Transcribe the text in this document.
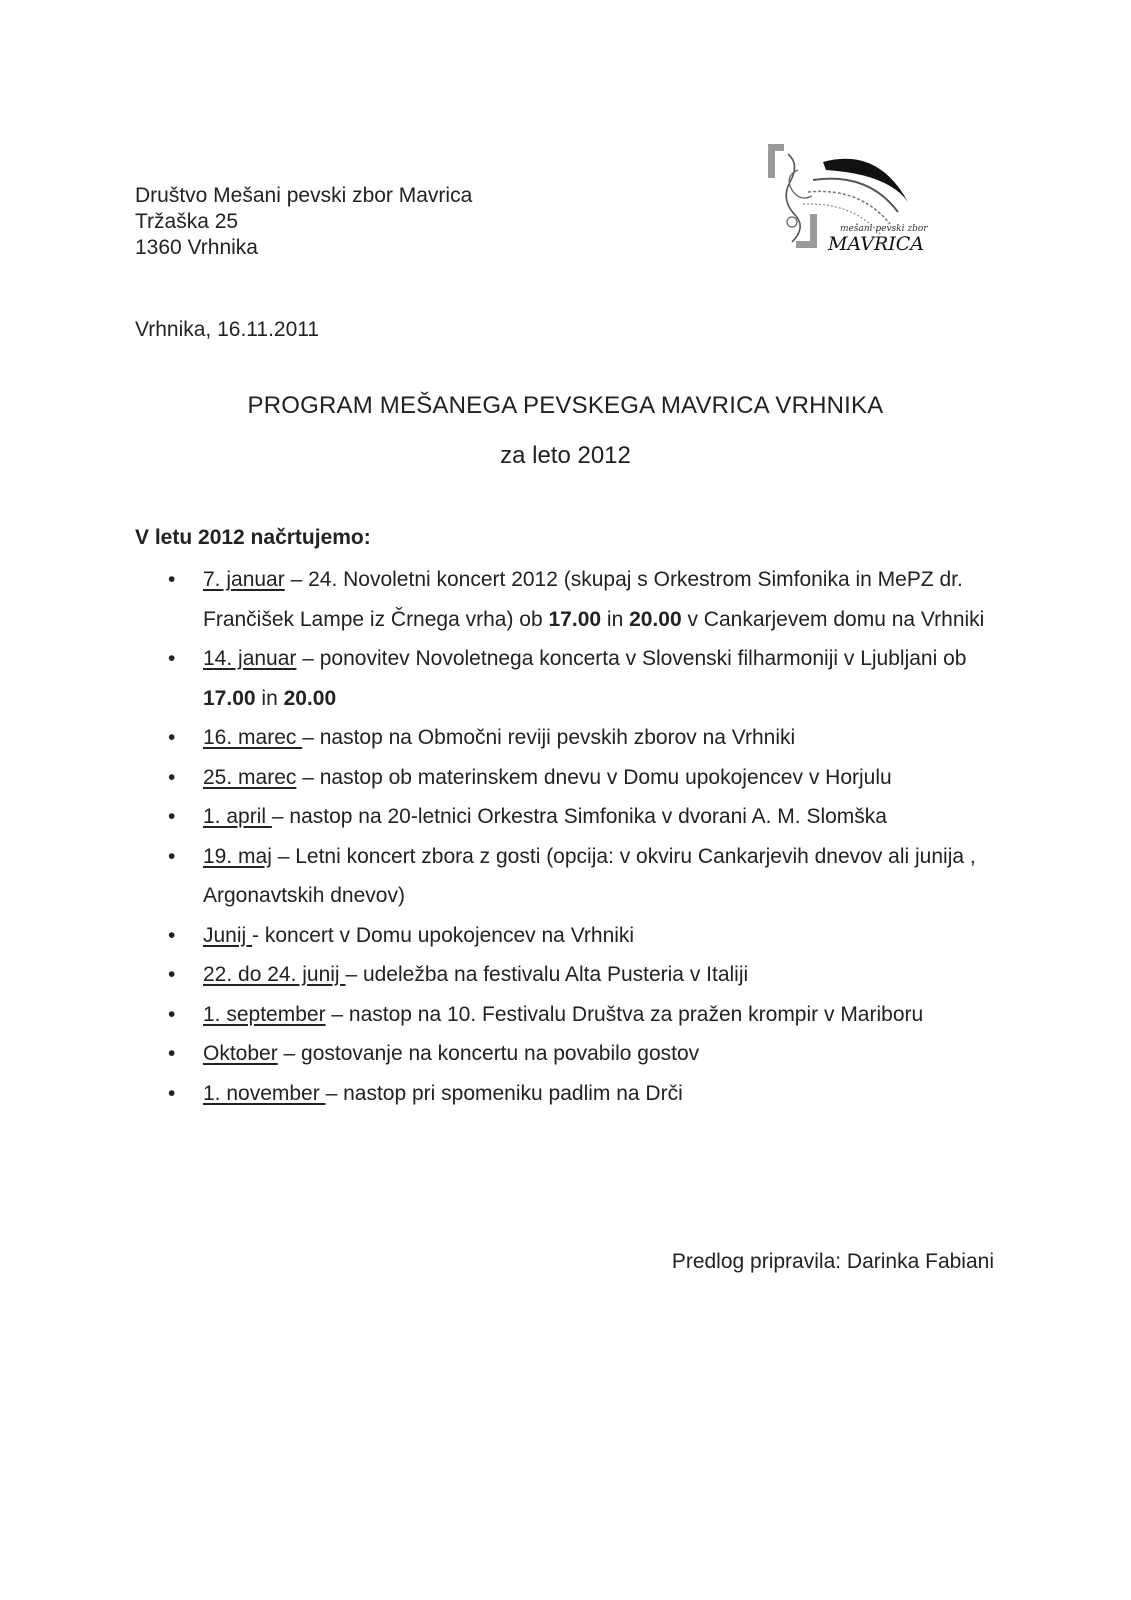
Društvo Mešani pevski zbor Mavrica
Tržaška 25
1360 Vrhnika
mešani pevski zbor
MAVRICA
Vrhnika, 16.11.2011
PROGRAM MEŠANEGA PEVSKEGA MAVRICA VRHNIKA
za leto 2012
V letu 2012 načrtujemo:
• 7. januar – 24. Novoletni koncert 2012 (skupaj s Orkestrom Simfonika in MePZ dr. Frančišek Lampe iz Črnega vrha) ob 17.00 in 20.00 v Cankarjevem domu na Vrhniki
• 14. januar – ponovitev Novoletnega koncerta v Slovenski filharmoniji v Ljubljani ob 17.00 in 20.00
• 16. marec – nastop na Območni reviji pevskih zborov na Vrhniki
• 25. marec – nastop ob materinskem dnevu v Domu upokojencev v Horjulu
• 1. april – nastop na 20-letnici Orkestra Simfonika v dvorani A. M. Slomška
• 19. maj – Letni koncert zbora z gosti (opcija: v okviru Cankarjevih dnevov ali junija , Argonavtskih dnevov)
• Junij - koncert v Domu upokojencev na Vrhniki
• 22. do 24. junij – udeležba na festivalu Alta Pusteria v Italiji
• 1. september – nastop na 10. Festivalu Društva za pražen krompir v Mariboru
• Oktober – gostovanje na koncertu na povabilo gostov
• 1. november – nastop pri spomeniku padlim na Drči
Predlog pripravila: Darinka Fabiani
